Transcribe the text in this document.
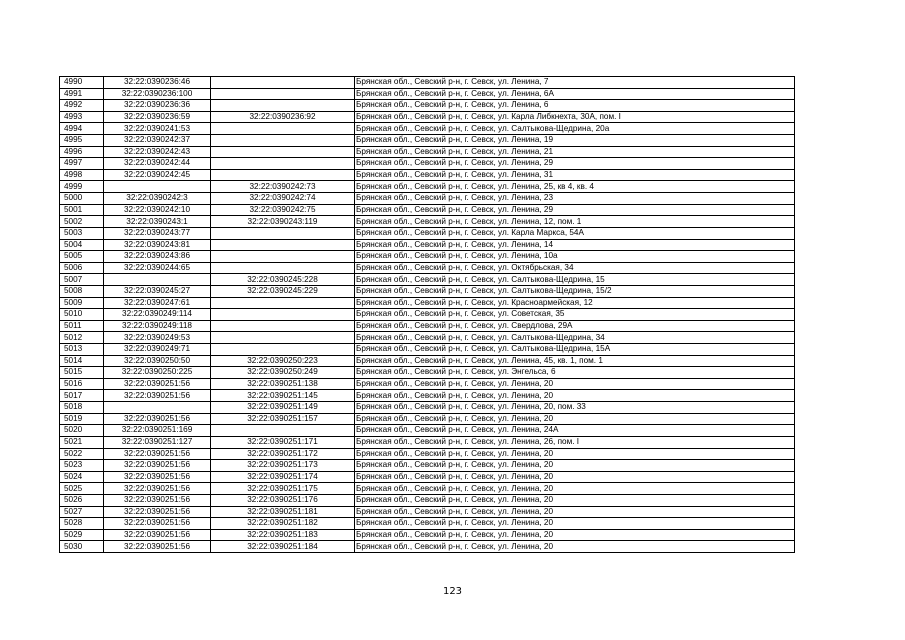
4990	32:22:0390236:46		Брянская обл., Севский р-н, г. Севск, ул. Ленина, 7
4991	32:22:0390236:100		Брянская обл., Севский р-н, г. Севск, ул. Ленина, 6А
4992	32:22:0390236:36		Брянская обл., Севский р-н, г. Севск, ул. Ленина, 6
4993	32:22:0390236:59	32:22:0390236:92	Брянская обл., Севский р-н, г. Севск, ул. Карла Либкнехта, 30А, пом. I
4994	32:22:0390241:53		Брянская обл., Севский р-н, г. Севск, ул. Салтыкова-Щедрина, 20а
4995	32:22:0390242:37		Брянская обл., Севский р-н, г. Севск, ул. Ленина, 19
4996	32:22:0390242:43		Брянская обл., Севский р-н, г. Севск, ул. Ленина, 21
4997	32:22:0390242:44		Брянская обл., Севский р-н, г. Севск, ул. Ленина, 29
4998	32:22:0390242:45		Брянская обл., Севский р-н, г. Севск, ул. Ленина, 31
4999		32:22:0390242:73	Брянская обл., Севский р-н, г. Севск, ул. Ленина, 25, кв 4, кв. 4
5000	32:22:0390242:3	32:22:0390242:74	Брянская обл., Севский р-н, г. Севск, ул. Ленина, 23
5001	32:22:0390242:10	32:22:0390242:75	Брянская обл., Севский р-н, г. Севск, ул. Ленина, 29
5002	32:22:0390243:1	32:22:0390243:119	Брянская обл., Севский р-н, г. Севск, ул. Ленина, 12, пом. 1
5003	32:22:0390243:77		Брянская обл., Севский р-н, г. Севск, ул. Карла Маркса, 54А
5004	32:22:0390243:81		Брянская обл., Севский р-н, г. Севск, ул. Ленина, 14
5005	32:22:0390243:86		Брянская обл., Севский р-н, г. Севск, ул. Ленина, 10а
5006	32:22:0390244:65		Брянская обл., Севский р-н, г. Севск, ул. Октябрьская, 34
5007		32:22:0390245:228	Брянская обл., Севский р-н, г. Севск, ул. Салтыкова-Щедрина, 15
5008	32:22:0390245:27	32:22:0390245:229	Брянская обл., Севский р-н, г. Севск, ул. Салтыкова-Щедрина, 15/2
5009	32:22:0390247:61		Брянская обл., Севский р-н, г. Севск, ул. Красноармейская, 12
5010	32:22:0390249:114		Брянская обл., Севский р-н, г. Севск, ул. Советская, 35
5011	32:22:0390249:118		Брянская обл., Севский р-н, г. Севск, ул. Свердлова, 29А
5012	32:22:0390249:53		Брянская обл., Севский р-н, г. Севск, ул. Салтыкова-Щедрина, 34
5013	32:22:0390249:71		Брянская обл., Севский р-н, г. Севск, ул. Салтыкова-Щедрина, 15А
5014	32:22:0390250:50	32:22:0390250:223	Брянская обл., Севский р-н, г. Севск, ул. Ленина, 45, кв. 1, пом. 1
5015	32:22:0390250:225	32:22:0390250:249	Брянская обл., Севский р-н, г. Севск, ул. Энгельса, 6
5016	32:22:0390251:56	32:22:0390251:138	Брянская обл., Севский р-н, г. Севск, ул. Ленина, 20
5017	32:22:0390251:56	32:22:0390251:145	Брянская обл., Севский р-н, г. Севск, ул. Ленина, 20
5018		32:22:0390251:149	Брянская обл., Севский р-н, г. Севск, ул. Ленина, 20, пом. 33
5019	32:22:0390251:56	32:22:0390251:157	Брянская обл., Севский р-н, г. Севск, ул. Ленина, 20
5020	32:22:0390251:169		Брянская обл., Севский р-н, г. Севск, ул. Ленина, 24А
5021	32:22:0390251:127	32:22:0390251:171	Брянская обл., Севский р-н, г. Севск, ул. Ленина, 26, пом. I
5022	32:22:0390251:56	32:22:0390251:172	Брянская обл., Севский р-н, г. Севск, ул. Ленина, 20
5023	32:22:0390251:56	32:22:0390251:173	Брянская обл., Севский р-н, г. Севск, ул. Ленина, 20
5024	32:22:0390251:56	32:22:0390251:174	Брянская обл., Севский р-н, г. Севск, ул. Ленина, 20
5025	32:22:0390251:56	32:22:0390251:175	Брянская обл., Севский р-н, г. Севск, ул. Ленина, 20
5026	32:22:0390251:56	32:22:0390251:176	Брянская обл., Севский р-н, г. Севск, ул. Ленина, 20
5027	32:22:0390251:56	32:22:0390251:181	Брянская обл., Севский р-н, г. Севск, ул. Ленина, 20
5028	32:22:0390251:56	32:22:0390251:182	Брянская обл., Севский р-н, г. Севск, ул. Ленина, 20
5029	32:22:0390251:56	32:22:0390251:183	Брянская обл., Севский р-н, г. Севск, ул. Ленина, 20
5030	32:22:0390251:56	32:22:0390251:184	Брянская обл., Севский р-н, г. Севск, ул. Ленина, 20
123
